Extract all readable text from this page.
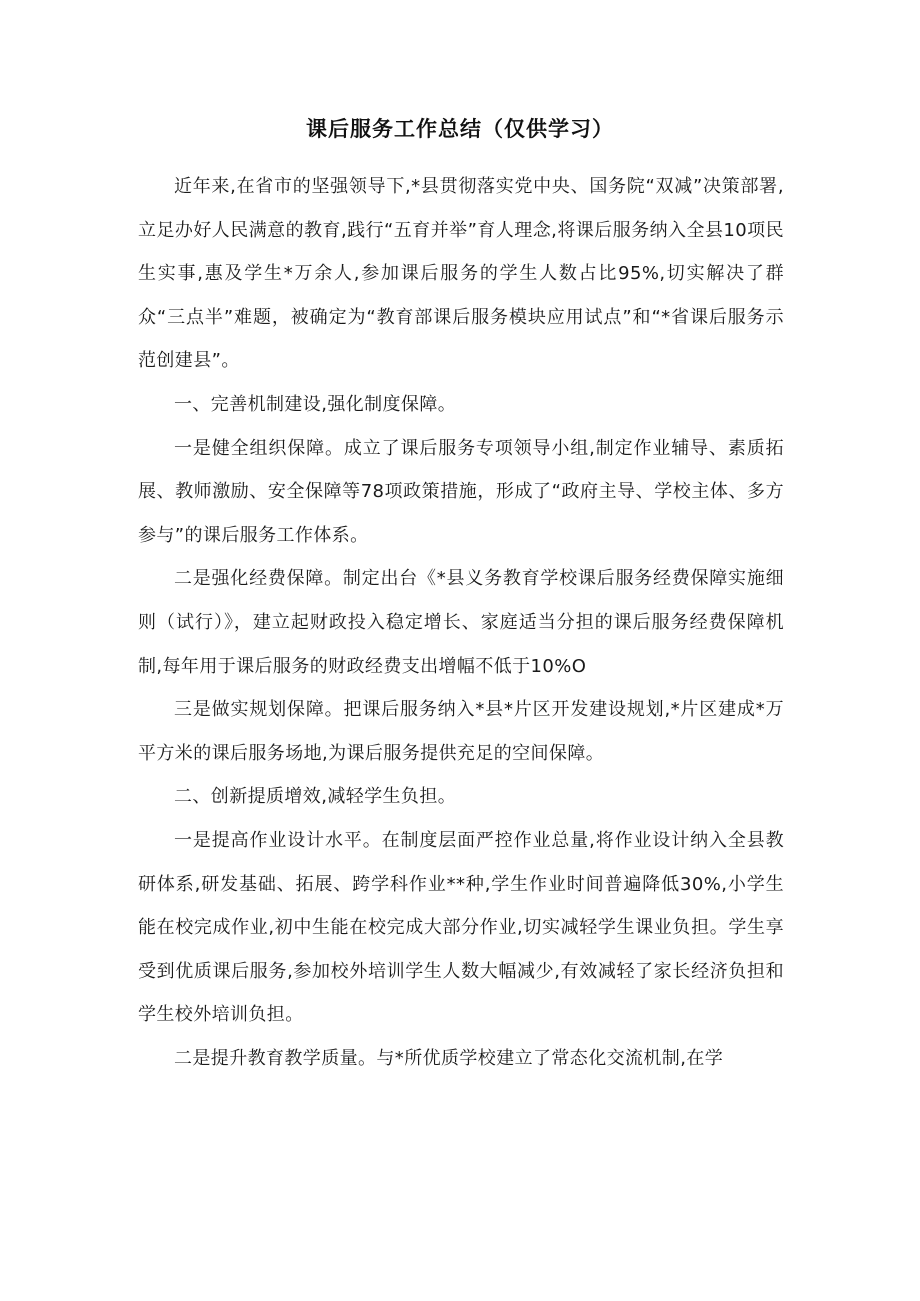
课后服务工作总结（仅供学习）

近年来,在省市的坚强领导下,*县贯彻落实党中央、国务院“双减”决策部署,立足办好人民满意的教育,践行“五育并举”育人理念,将课后服务纳入全县10项民生实事,惠及学生*万余人,参加课后服务的学生人数占比95%,切实解决了群众“三点半”难题，被确定为“教育部课后服务模块应用试点”和“*省课后服务示范创建县”。

一、完善机制建设,强化制度保障。

一是健全组织保障。成立了课后服务专项领导小组,制定作业辅导、素质拓展、教师激励、安全保障等78项政策措施，形成了“政府主导、学校主体、多方参与”的课后服务工作体系。

二是强化经费保障。制定出台《*县义务教育学校课后服务经费保障实施细则（试行）》，建立起财政投入稳定增长、家庭适当分担的课后服务经费保障机制,每年用于课后服务的财政经费支出增幅不低于10%O

三是做实规划保障。把课后服务纳入*县*片区开发建设规划,*片区建成*万平方米的课后服务场地,为课后服务提供充足的空间保障。

二、创新提质增效,减轻学生负担。

一是提高作业设计水平。在制度层面严控作业总量,将作业设计纳入全县教研体系,研发基础、拓展、跨学科作业**种,学生作业时间普遍降低30%,小学生能在校完成作业,初中生能在校完成大部分作业,切实减轻学生课业负担。学生享受到优质课后服务,参加校外培训学生人数大幅减少,有效减轻了家长经济负担和学生校外培训负担。

二是提升教育教学质量。与*所优质学校建立了常态化交流机制,在学
